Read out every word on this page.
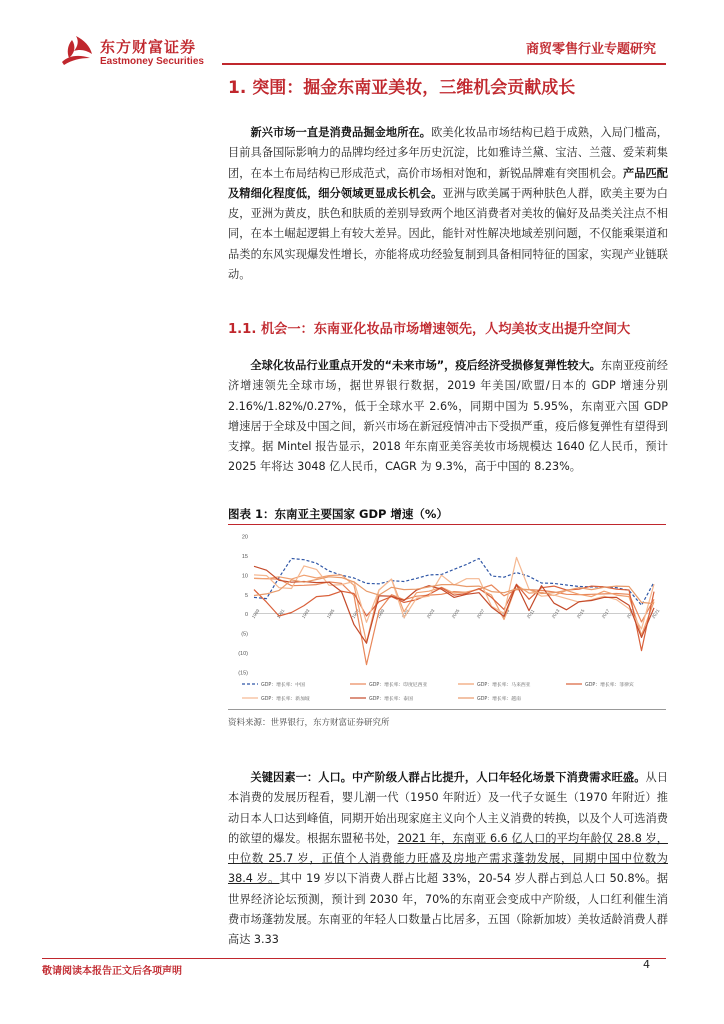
东方财富证券
Eastmoney Securities
商贸零售行业专题研究
1. 突围：掘金东南亚美妆，三维机会贡献成长
  新兴市场一直是消费品掘金地所在。欧美化妆品市场结构已趋于成熟，入局门槛高，目前具备国际影响力的品牌均经过多年历史沉淀，比如雅诗兰黛、宝洁、兰蔻、爱茉莉集团，在本土布局结构已形成范式，高价市场相对饱和，新锐品牌难有突围机会。产品匹配及精细化程度低，细分领域更显成长机会。亚洲与欧美属于两种肤色人群，欧美主要为白皮，亚洲为黄皮，肤色和肤质的差别导致两个地区消费者对美妆的偏好及品类关注点不相同，在本土崛起逻辑上有较大差异。因此，能针对性解决地域差别问题，不仅能乘渠道和品类的东风实现爆发性增长，亦能将成功经验复制到具备相同特征的国家，实现产业链联动。
1.1. 机会一：东南亚化妆品市场增速领先，人均美妆支出提升空间大
  全球化妆品行业重点开发的“未来市场”，疫后经济受损修复弹性较大。东南亚疫前经济增速领先全球市场，据世界银行数据，2019 年美国/欧盟/日本的 GDP 增速分别 2.16%/1.82%/0.27%，低于全球水平 2.6%，同期中国为 5.95%，东南亚六国 GDP 增速居于全球及中国之间，新兴市场在新冠疫情冲击下受损严重，疫后修复弹性有望得到支撑。据 Mintel 报告显示，2018 年东南亚美容美妆市场规模达 1640 亿人民币，预计 2025 年将达 3048 亿人民币，CAGR 为 9.3%，高于中国的 8.23%。
图表 1：东南亚主要国家 GDP 增速（%）
20
15
10
5
0
(5)
(10)
(15)
1989	1991	1993	1995	1997	1999	2001	2003	2005	2007	2009	2011	2013	2015	2017	2019	2021
GDP：增长率：中国	GDP：增长率：印度尼西亚	GDP：增长率：马来西亚	GDP：增长率：菲律宾
GDP：增长率：新加坡	GDP：增长率：泰国	GDP：增长率：越南
资料来源：世界银行，东方财富证券研究所
  关键因素一：人口。中产阶级人群占比提升，人口年轻化场景下消费需求旺盛。从日本消费的发展历程看，婴儿潮一代（1950 年附近）及一代子女诞生（1970 年附近）推动日本人口达到峰值，同期开始出现家庭主义向个人主义消费的转换，以及个人可选消费的欲望的爆发。根据东盟秘书处，2021 年，东南亚 6.6 亿人口的平均年龄仅 28.8 岁，中位数 25.7 岁，正值个人消费能力旺盛及房地产需求蓬勃发展，同期中国中位数为 38.4 岁。其中 19 岁以下消费人群占比超 33%，20-54 岁人群占到总人口 50.8%。据世界经济论坛预测，预计到 2030 年，70%的东南亚会变成中产阶级，人口红利催生消费市场蓬勃发展。东南亚的年轻人口数量占比居多，五国（除新加坡）美妆适龄消费人群高达 3.33
敬请阅读本报告正文后各项声明
4
